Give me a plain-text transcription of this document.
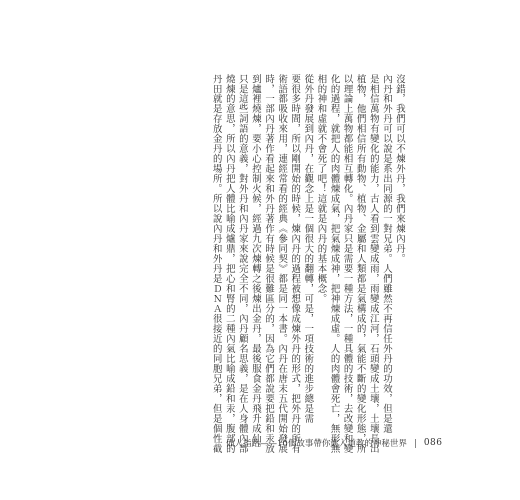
沒錯，我們可以不煉外丹，我們來煉內丹。

內丹和外丹可以說是系出同源的一對兄弟。人們雖然不再信任外丹的功效，但是還

是相信萬物有變化的能力，古人看到雲變成雨，雨變成江河，石頭變成土壤，土壤長出

植物，他們相信所有動物、植物、金屬和人類都是氣構成的，氣能不斷的變化形態，所

以理論上萬物都能相互轉化。內丹家只是需要一種方法，一種具體的技術，去改變和變

化的過程，就把人的肉體煉成氣，把氣煉成神，把神煉成虛。人的肉體會死亡，無形無

相的神和虛就不會死了吧！這就是內丹的基本概念。

從外丹發展到內丹，在觀念上是一個很大的翻轉，可是，一項技術的進步總是需

要很多時間，所以剛開始的時候，煉內丹的過程被想像成煉外丹的形式，把外丹的所有

術語都吸收來用，連經常看的經典《參同契》都是同一本書。內丹在唐末五代開始發展

時，一部內丹著作看起來和外丹著作有時候是很難區分的，因為它們都說要把鉛和汞放

到爐裡燒煉，要小心控制火候，經過九次煉轉之後煉出金丹，最後服食金丹飛升成仙。

只是這些詞語的意義，對外丹和內丹家來說完全不同，內丹顧名思義，是在人身體內部

燒煉的意思，所以內丹把人體比喻成爐鼎，把心和腎的二種內氣比喻成鉛和汞，腹部的

丹田就是存放金丹的場所。所以說內丹和外丹是ＤＮＡ很接近的同胞兄弟，但是個性截 仙人指路——10個故事帶你進入道教的神秘世界 086
